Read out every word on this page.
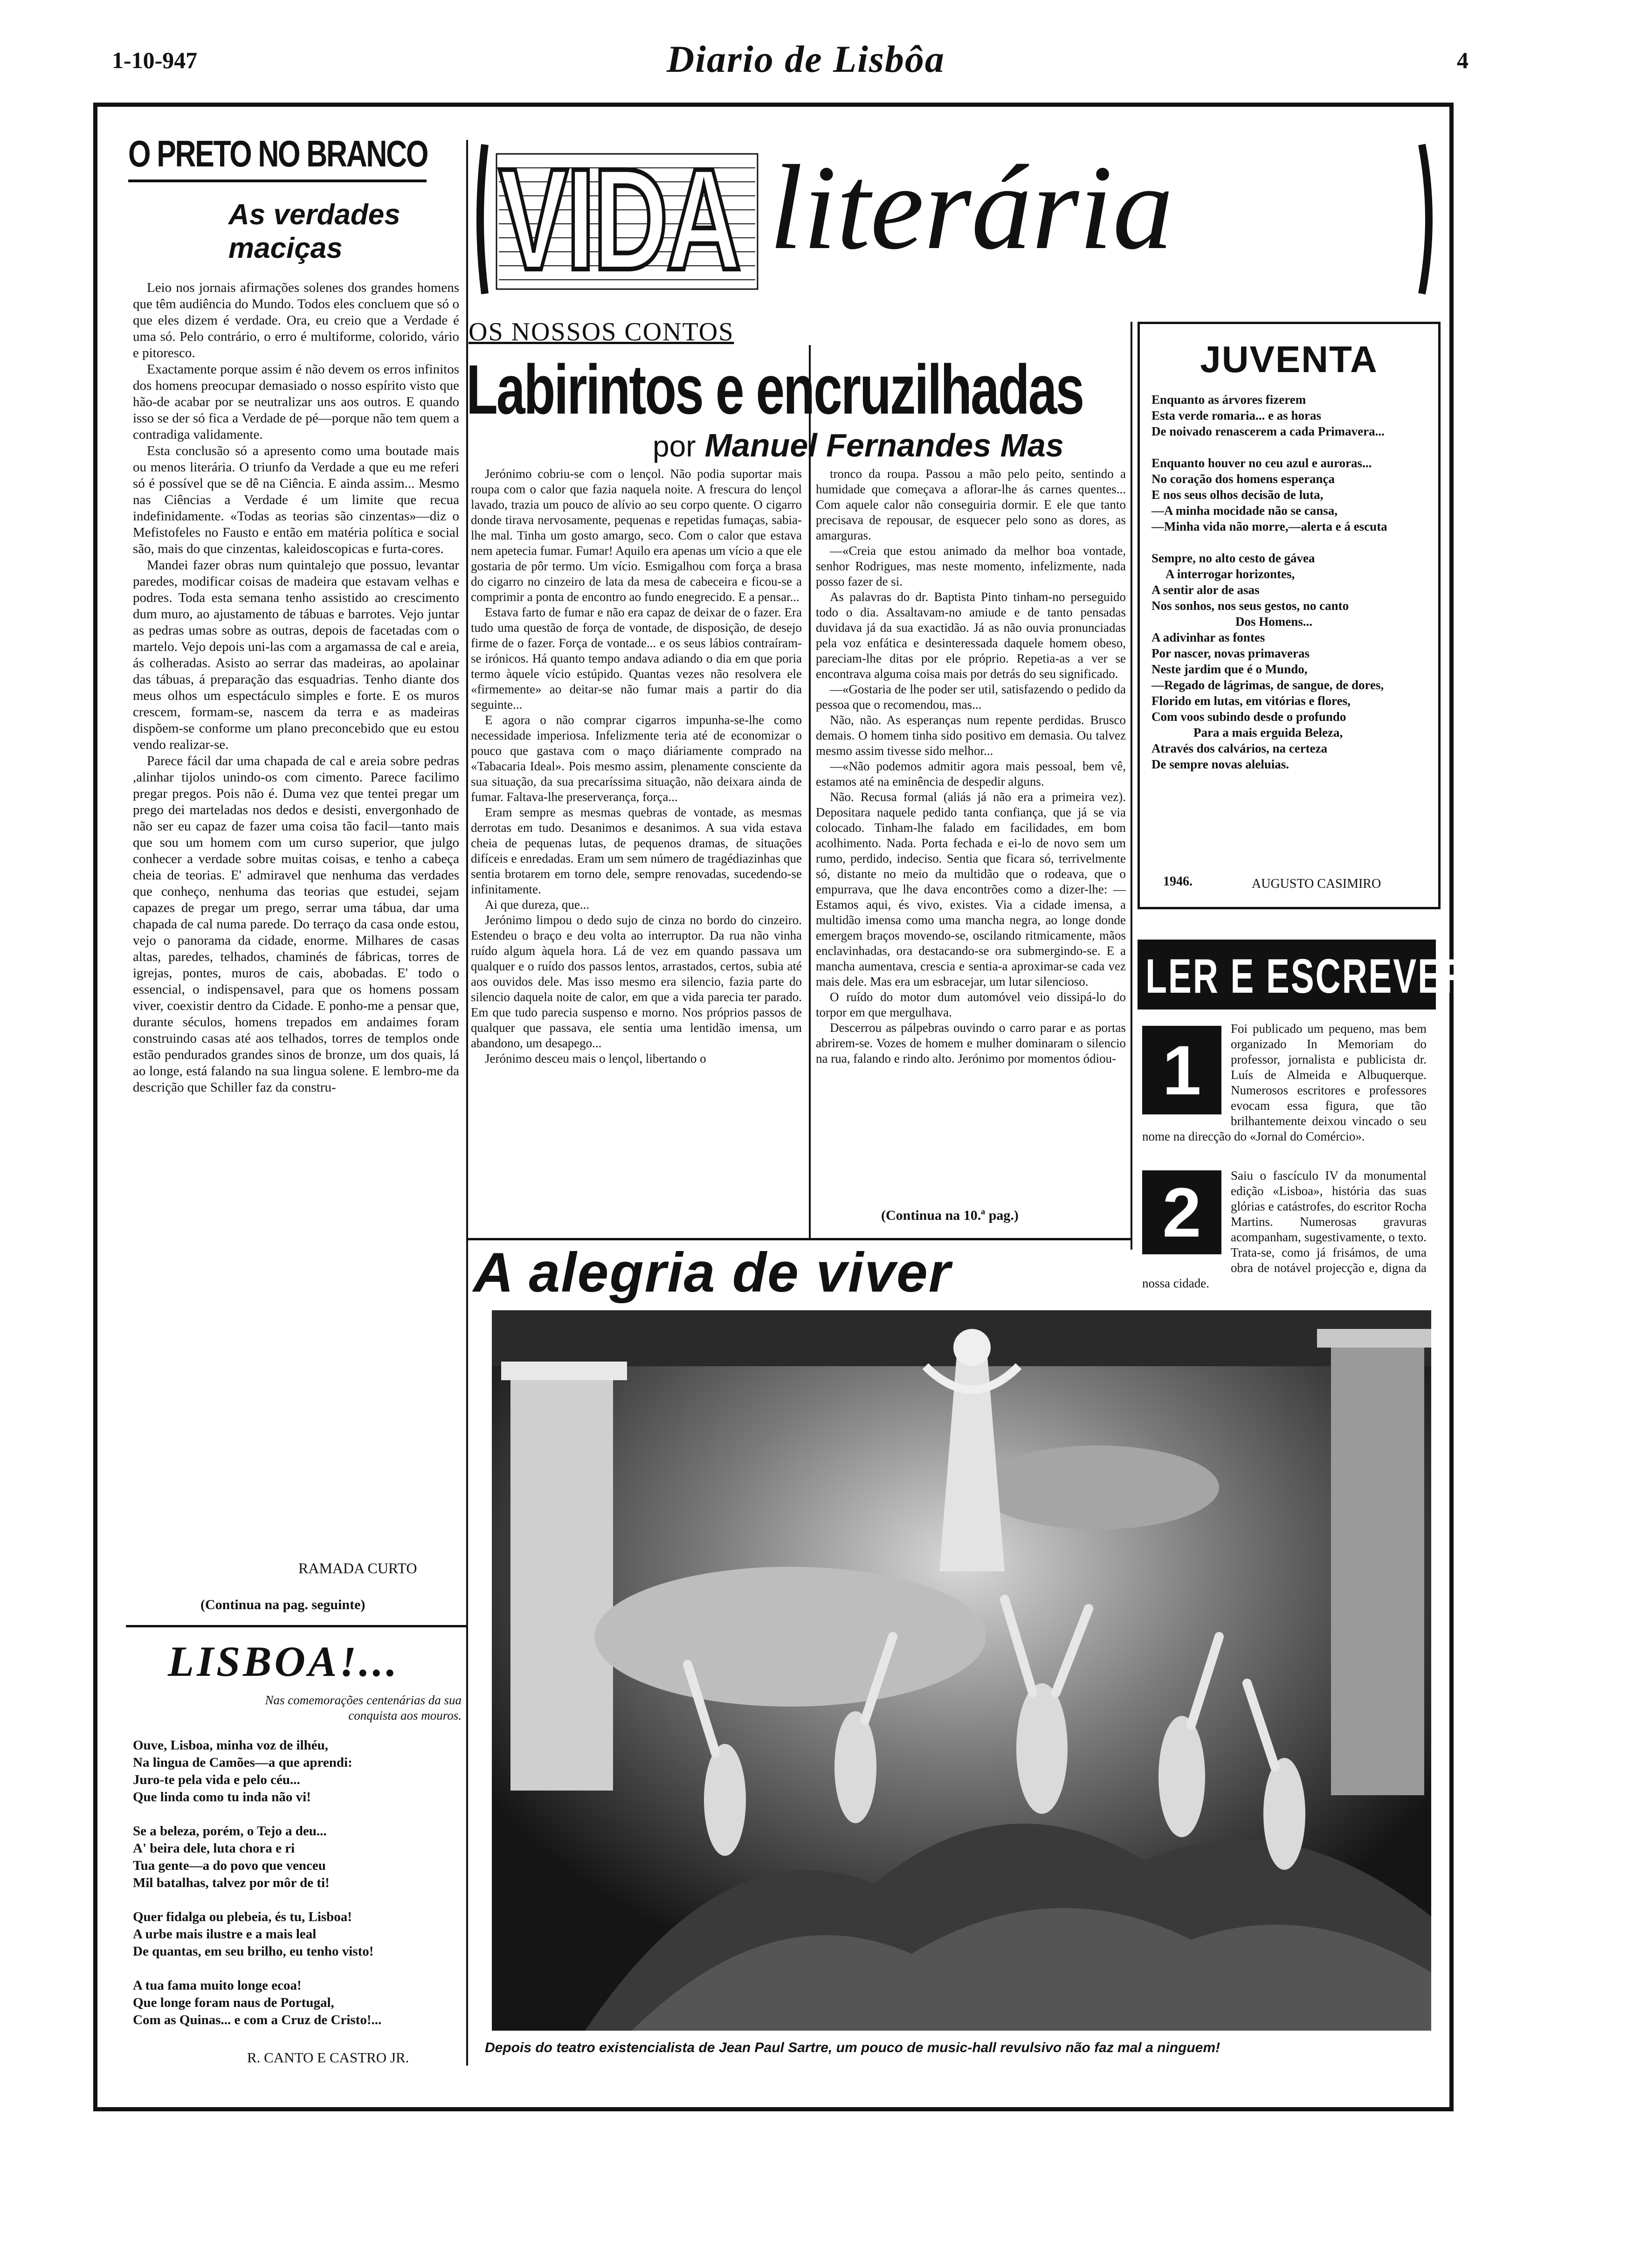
1-10-947	Diario de Lisbôa	4
O PRETO NO BRANCO
As verdades maciças

Leio nos jornais afirmações solenes dos grandes homens que têm audiência do Mundo. Todos eles concluem que só o que eles dizem é verdade. Ora, eu creio que a Verdade é uma só. Pelo contrário, o erro é multiforme, colorido, vário e pitoresco.

Exactamente porque assim é não devem os erros infinitos dos homens preocupar demasiado o nosso espírito visto que hão-de acabar por se neutralizar uns aos outros. E quando isso se der só fica a Verdade de pé—porque não tem quem a contradiga validamente.

Esta conclusão só a apresento como uma boutade mais ou menos literária. O triunfo da Verdade a que eu me referi só é possível que se dê na Ciência. E ainda assim... Mesmo nas Ciências a Verdade é um limite que recua indefinidamente. «Todas as teorias são cinzentas»—diz o Mefistofeles no Fausto e então em matéria política e social são, mais do que cinzentas, kaleidoscopicas e furta-cores.

Mandei fazer obras num quintalejo que possuo, levantar paredes, modificar coisas de madeira que estavam velhas e podres. Toda esta semana tenho assistido ao crescimento dum muro, ao ajustamento de tábuas e barrotes. Vejo juntar as pedras umas sobre as outras, depois de facetadas com o martelo. Vejo depois uni-las com a argamassa de cal e areia, ás colheradas. Asisto ao serrar das madeiras, ao apolainar das tábuas, á preparação das esquadrias. Tenho diante dos meus olhos um espectáculo simples e forte. E os muros crescem, formam-se, nascem da terra e as madeiras dispõem-se conforme um plano preconcebido que eu estou vendo realizar-se.

Parece fácil dar uma chapada de cal e areia sobre pedras ,alinhar tijolos unindo-os com cimento. Parece facilimo pregar pregos. Pois não é. Duma vez que tentei pregar um prego dei marteladas nos dedos e desisti, envergonhado de não ser eu capaz de fazer uma coisa tão facil—tanto mais que sou um homem com um curso superior, que julgo conhecer a verdade sobre muitas coisas, e tenho a cabeça cheia de teorias. E' admiravel que nenhuma das verdades que conheço, nenhuma das teorias que estudei, sejam capazes de pregar um prego, serrar uma tábua, dar uma chapada de cal numa parede. Do terraço da casa onde estou, vejo o panorama da cidade, enorme. Milhares de casas altas, paredes, telhados, chaminés de fábricas, torres de igrejas, pontes, muros de cais, abobadas. E' todo o essencial, o indispensavel, para que os homens possam viver, coexistir dentro da Cidade. E ponho-me a pensar que, durante séculos, homens trepados em andaimes foram construindo casas até aos telhados, torres de templos onde estão pendurados grandes sinos de bronze, um dos quais, lá ao longe, está falando na sua lingua solene. E lembro-me da descrição que Schiller faz da constru-

RAMADA CURTO
(Continua na pag. seguinte)
LISBOA!...
Nas comemorações centenárias da sua conquista aos mouros.

Ouve, Lisboa, minha voz de ilhéu,

Na lingua de Camões—a que aprendi:

Juro-te pela vida e pelo céu...

Que linda como tu inda não vi!

Se a beleza, porém, o Tejo a deu...

A' beira dele, luta chora e ri

Tua gente—a do povo que venceu

Mil batalhas, talvez por môr de ti!

Quer fidalga ou plebeia, és tu, Lisboa!

A urbe mais ilustre e a mais leal

De quantas, em seu brilho, eu tenho visto!

A tua fama muito longe ecoa!

Que longe foram naus de Portugal,

Com as Quinas... e com a Cruz de Cristo!...

R. CANTO E CASTRO JR.
VIDA literária
OS NOSSOS CONTOS
Labirintos e encruzilhadas
por Manuel Fernandes Mas

Jerónimo cobriu-se com o lençol. Não podia suportar mais roupa com o calor que fazia naquela noite. A frescura do lençol lavado, trazia um pouco de alívio ao seu corpo quente. O cigarro donde tirava nervosamente, pequenas e repetidas fumaças, sabia-lhe mal. Tinha um gosto amargo, seco. Com o calor que estava nem apetecia fumar. Fumar! Aquilo era apenas um vício a que ele gostaria de pôr termo. Um vício. Esmigalhou com força a brasa do cigarro no cinzeiro de lata da mesa de cabeceira e ficou-se a comprimir a ponta de encontro ao fundo enegrecido. E a pensar...

Estava farto de fumar e não era capaz de deixar de o fazer. Era tudo uma questão de força de vontade, de disposição, de desejo firme de o fazer. Força de vontade... e os seus lábios contraíram-se irónicos. Há quanto tempo andava adiando o dia em que poria termo àquele vício estúpido. Quantas vezes não resolvera ele «firmemente» ao deitar-se não fumar mais a partir do dia seguinte...

E agora o não comprar cigarros impunha-se-lhe como necessidade imperiosa. Infelizmente teria até de economizar o pouco que gastava com o maço diáriamente comprado na «Tabacaria Ideal». Pois mesmo assim, plenamente consciente da sua situação, da sua precaríssima situação, não deixara ainda de fumar. Faltava-lhe preserverança, força...

Eram sempre as mesmas quebras de vontade, as mesmas derrotas em tudo. Desanimos e desanimos. A sua vida estava cheia de pequenas lutas, de pequenos dramas, de situações difíceis e enredadas. Eram um sem número de tragédiazinhas que sentia brotarem em torno dele, sempre renovadas, sucedendo-se infinitamente.

Ai que dureza, que...

Jerónimo limpou o dedo sujo de cinza no bordo do cinzeiro. Estendeu o braço e deu volta ao interruptor. Da rua não vinha ruído algum àquela hora. Lá de vez em quando passava um qualquer e o ruído dos passos lentos, arrastados, certos, subia até aos ouvidos dele. Mas isso mesmo era silencio, fazia parte do silencio daquela noite de calor, em que a vida parecia ter parado. Em que tudo parecia suspenso e morno. Nos próprios passos de qualquer que passava, ele sentia uma lentidão imensa, um abandono, um desapego...

Jerónimo desceu mais o lençol, libertando o

tronco da roupa. Passou a mão pelo peito, sentindo a humidade que começava a aflorar-lhe ás carnes quentes... Com aquele calor não conseguiria dormir. E ele que tanto precisava de repousar, de esquecer pelo sono as dores, as amarguras.

—«Creia que estou animado da melhor boa vontade, senhor Rodrigues, mas neste momento, infelizmente, nada posso fazer de si.

As palavras do dr. Baptista Pinto tinham-no perseguido todo o dia. Assaltavam-no amiude e de tanto pensadas duvidava já da sua exactidão. Já as não ouvia pronunciadas pela voz enfática e desinteressada daquele homem obeso, pareciam-lhe ditas por ele próprio. Repetia-as a ver se encontrava alguma coisa mais por detrás do seu significado.

—«Gostaria de lhe poder ser util, satisfazendo o pedido da pessoa que o recomendou, mas...

Não, não. As esperanças num repente perdidas. Brusco demais. O homem tinha sido positivo em demasia. Ou talvez mesmo assim tivesse sido melhor...

—«Não podemos admitir agora mais pessoal, bem vê, estamos até na eminência de despedir alguns.

Não. Recusa formal (aliás já não era a primeira vez). Depositara naquele pedido tanta confiança, que já se via colocado. Tinham-lhe falado em facilidades, em bom acolhimento. Nada. Porta fechada e ei-lo de novo sem um rumo, perdido, indeciso. Sentia que ficara só, terrivelmente só, distante no meio da multidão que o rodeava, que o empurrava, que lhe dava encontrões como a dizer-lhe: —Estamos aqui, és vivo, existes. Via a cidade imensa, a multidão imensa como uma mancha negra, ao longe donde emergem braços movendo-se, oscilando ritmicamente, mãos enclavinhadas, ora destacando-se ora submergindo-se. E a mancha aumentava, crescia e sentia-a aproximar-se cada vez mais dele. Mas era um esbracejar, um lutar silencioso.

O ruído do motor dum automóvel veio dissipá-lo do torpor em que mergulhava.

Descerrou as pálpebras ouvindo o carro parar e as portas abrirem-se. Vozes de homem e mulher dominaram o silencio na rua, falando e rindo alto. Jerónimo por momentos ódiou-

(Continua na 10.ª pag.)
JUVENTA

Enquanto as árvores fizerem

Esta verde romaria... e as horas

De noivado renascerem a cada Primavera...

Enquanto houver no ceu azul e auroras...

No coração dos homens esperança

E nos seus olhos decisão de luta,

—A minha mocidade não se cansa,

—Minha vida não morre,—alerta e á escuta

Sempre, no alto cesto de gávea

A interrogar horizontes,

A sentir alor de asas

Nos sonhos, nos seus gestos, no canto

Dos Homens...

A adivinhar as fontes

Por nascer, novas primaveras

Neste jardim que é o Mundo,

—Regado de lágrimas, de sangue, de dores,

Florido em lutas, em vitórias e flores,

Com voos subindo desde o profundo

Para a mais erguida Beleza,

Através dos calvários, na certeza

De sempre novas aleluias.

1946.	AUGUSTO CASIMIRO
LER E ESCREVER
1
Foi publicado um pequeno, mas bem organizado In Memoriam do professor, jornalista e publicista dr. Luís de Almeida e Albuquerque. Numerosos escritores e professores evocam essa figura, que tão brilhantemente deixou vincado o seu nome na direcção do «Jornal do Comércio».
2	Saiu o fascículo IV da monumental edição «Lisboa», história das suas glórias e catástrofes, do escritor Rocha Martins. Numerosas gravuras acompanham, sugestivamente, o texto. Trata-se, como já frisámos, de uma obra de notável projecção e, digna da nossa cidade.
A alegria de viver
Depois do teatro existencialista de Jean Paul Sartre, um pouco de music-hall revulsivo não faz mal a ninguem!
